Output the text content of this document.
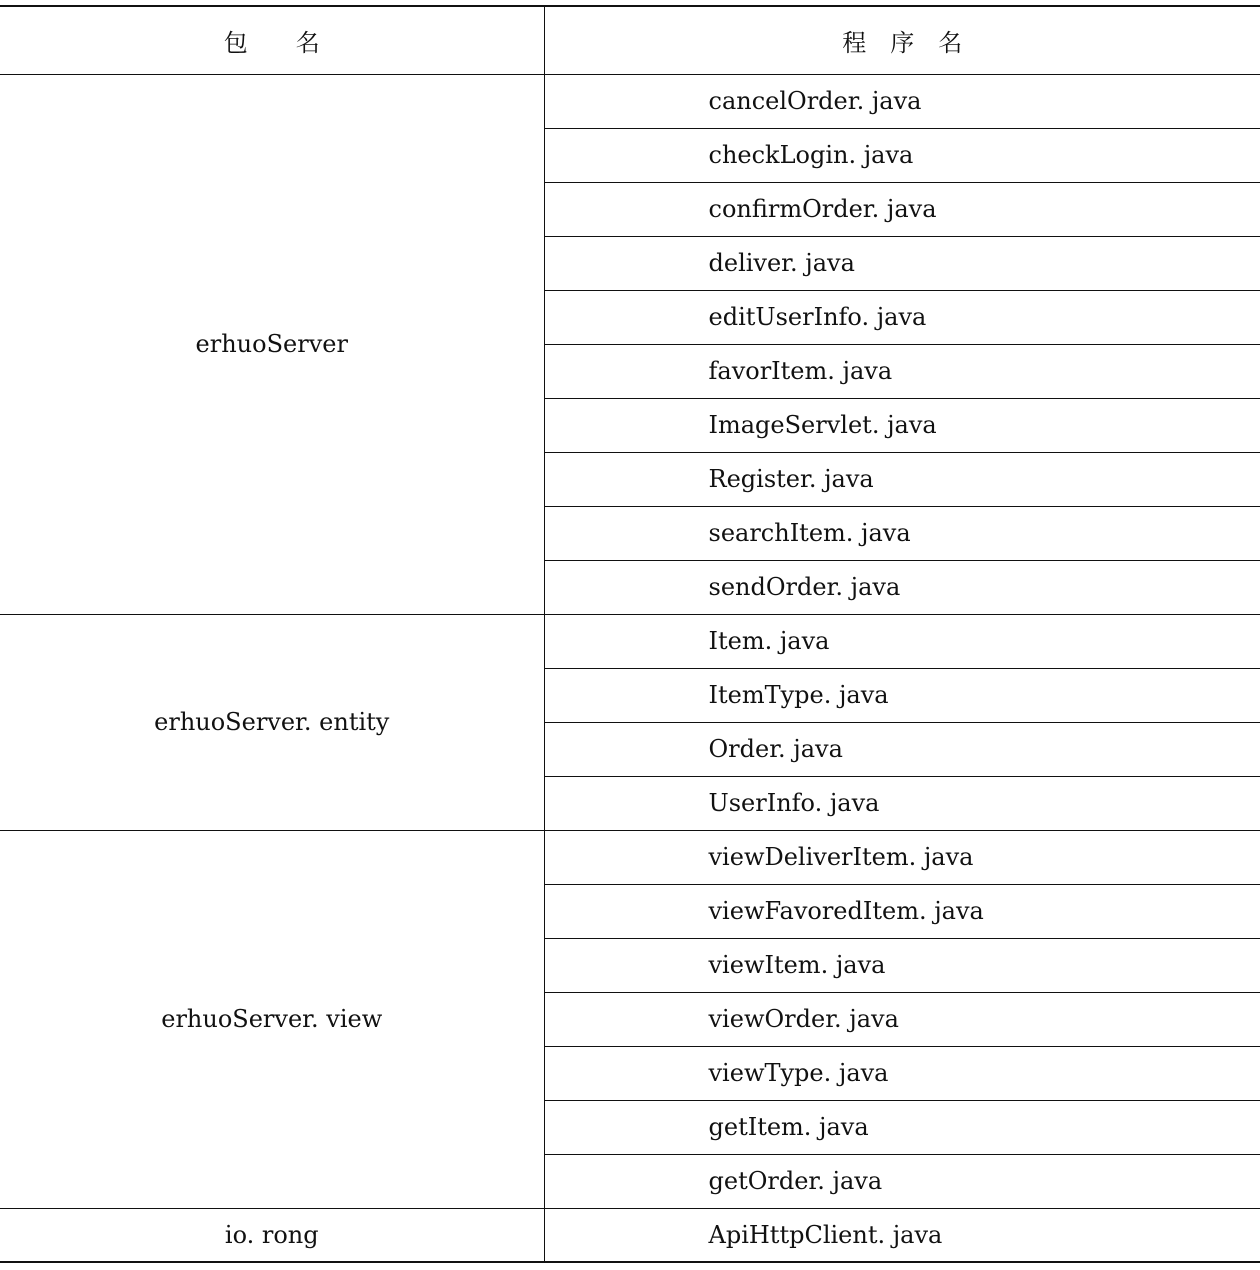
包　　名	程　序　名
erhuoServer	cancelOrder. java
	checkLogin. java
	confirmOrder. java
	deliver. java
	editUserInfo. java
	favorItem. java
	ImageServlet. java
	Register. java
	searchItem. java
	sendOrder. java
erhuoServer. entity	Item. java
	ItemType. java
	Order. java
	UserInfo. java
erhuoServer. view	viewDeliverItem. java
	viewFavoredItem. java
	viewItem. java
	viewOrder. java
	viewType. java
	getItem. java
	getOrder. java
io. rong	ApiHttpClient. java
